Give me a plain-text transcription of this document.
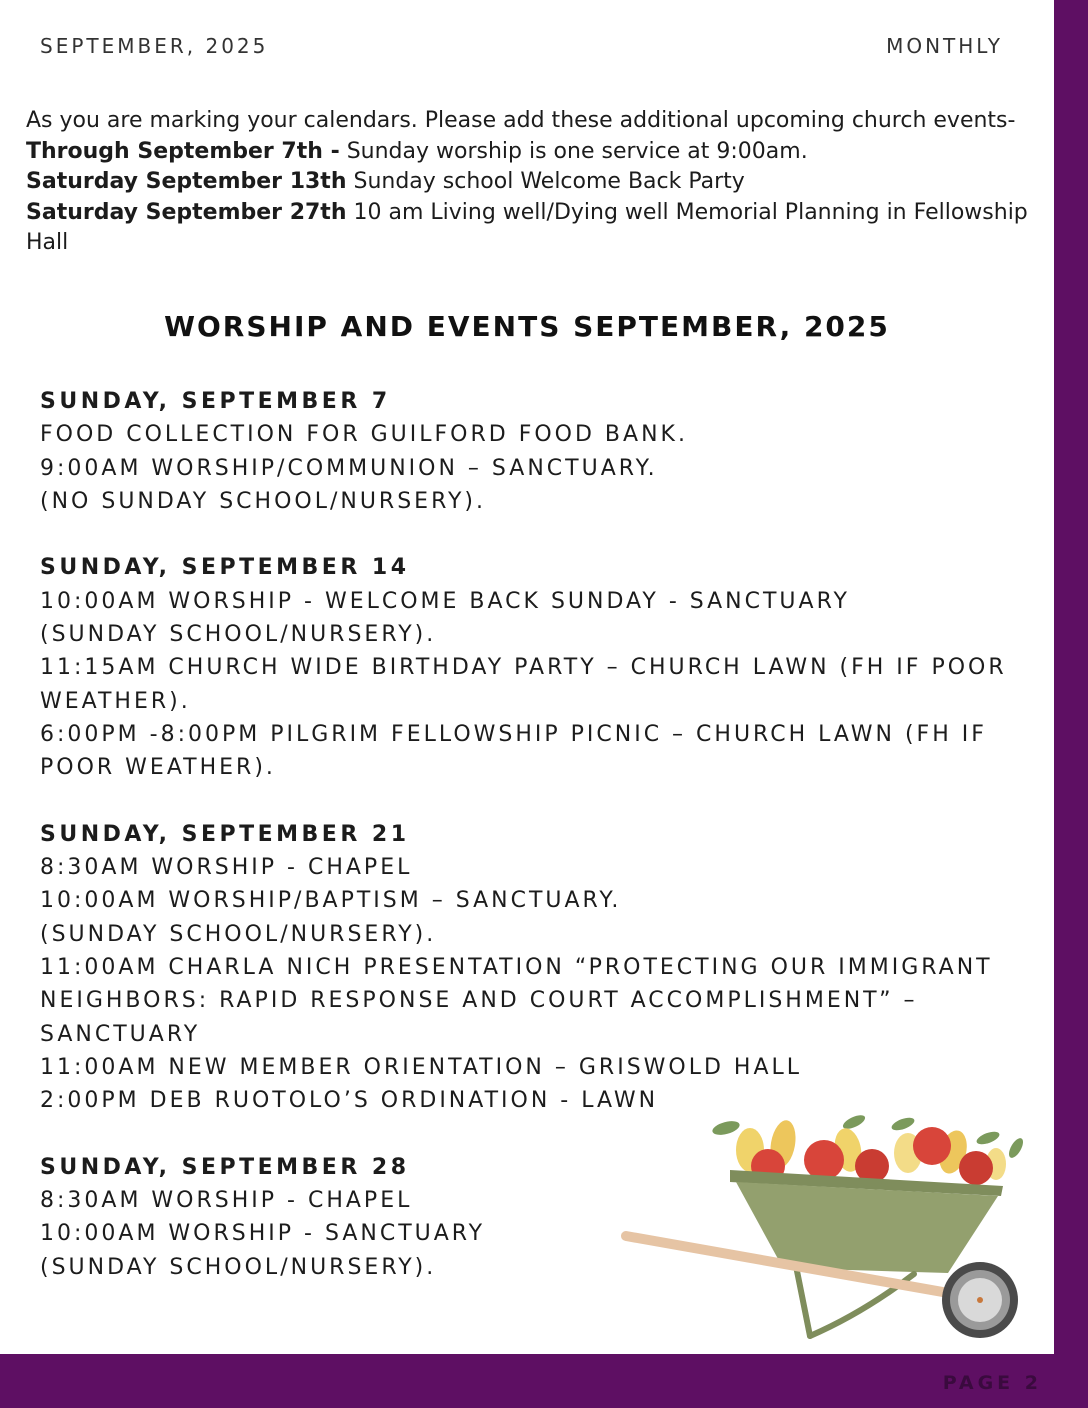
PAGE 2
SEPTEMBER, 2025	MONTHLY

As you are marking your calendars. Please add these additional upcoming church events-

Through September 7th - Sunday worship is one service at 9:00am.

Saturday September 13th Sunday school Welcome Back Party

Saturday September 27th 10 am Living well/Dying well Memorial Planning in Fellowship Hall

WORSHIP AND EVENTS SEPTEMBER, 2025
SUNDAY, SEPTEMBER 7
FOOD COLLECTION FOR GUILFORD FOOD BANK.
9:00AM WORSHIP/COMMUNION – SANCTUARY.
(NO SUNDAY SCHOOL/NURSERY).
SUNDAY, SEPTEMBER 14
10:00AM WORSHIP - WELCOME BACK SUNDAY - SANCTUARY
(SUNDAY SCHOOL/NURSERY).
11:15AM CHURCH WIDE BIRTHDAY PARTY – CHURCH LAWN (FH IF POOR WEATHER).
6:00PM -8:00PM PILGRIM FELLOWSHIP PICNIC – CHURCH LAWN (FH IF POOR WEATHER).
SUNDAY, SEPTEMBER 21
8:30AM WORSHIP - CHAPEL
10:00AM WORSHIP/BAPTISM – SANCTUARY.
(SUNDAY SCHOOL/NURSERY).
11:00AM CHARLA NICH PRESENTATION “PROTECTING OUR IMMIGRANT NEIGHBORS: RAPID RESPONSE AND COURT ACCOMPLISHMENT” – SANCTUARY
11:00AM NEW MEMBER ORIENTATION – GRISWOLD HALL
2:00PM DEB RUOTOLO’S ORDINATION - LAWN
SUNDAY, SEPTEMBER 28
8:30AM WORSHIP - CHAPEL
10:00AM WORSHIP - SANCTUARY
(SUNDAY SCHOOL/NURSERY).
